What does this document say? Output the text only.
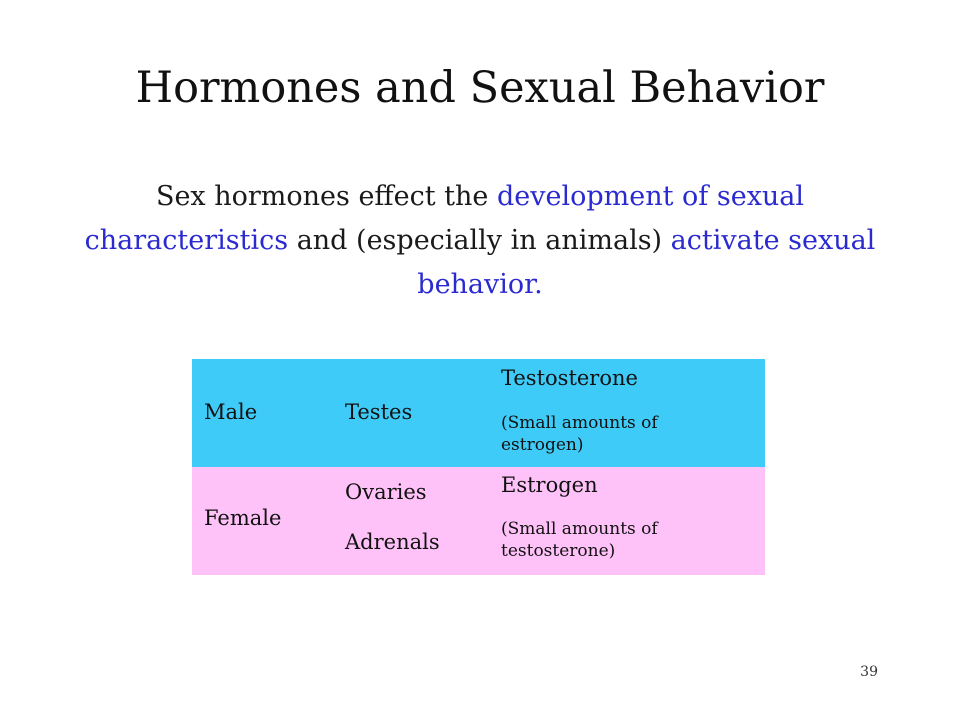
Hormones and Sexual Behavior
Sex hormones effect the development of sexual characteristics and (especially in animals) activate sexual behavior.
Male	Testes
Testosterone
(Small amounts of estrogen)
Female
Ovaries
Adrenals
Estrogen
(Small amounts of testosterone)
39
